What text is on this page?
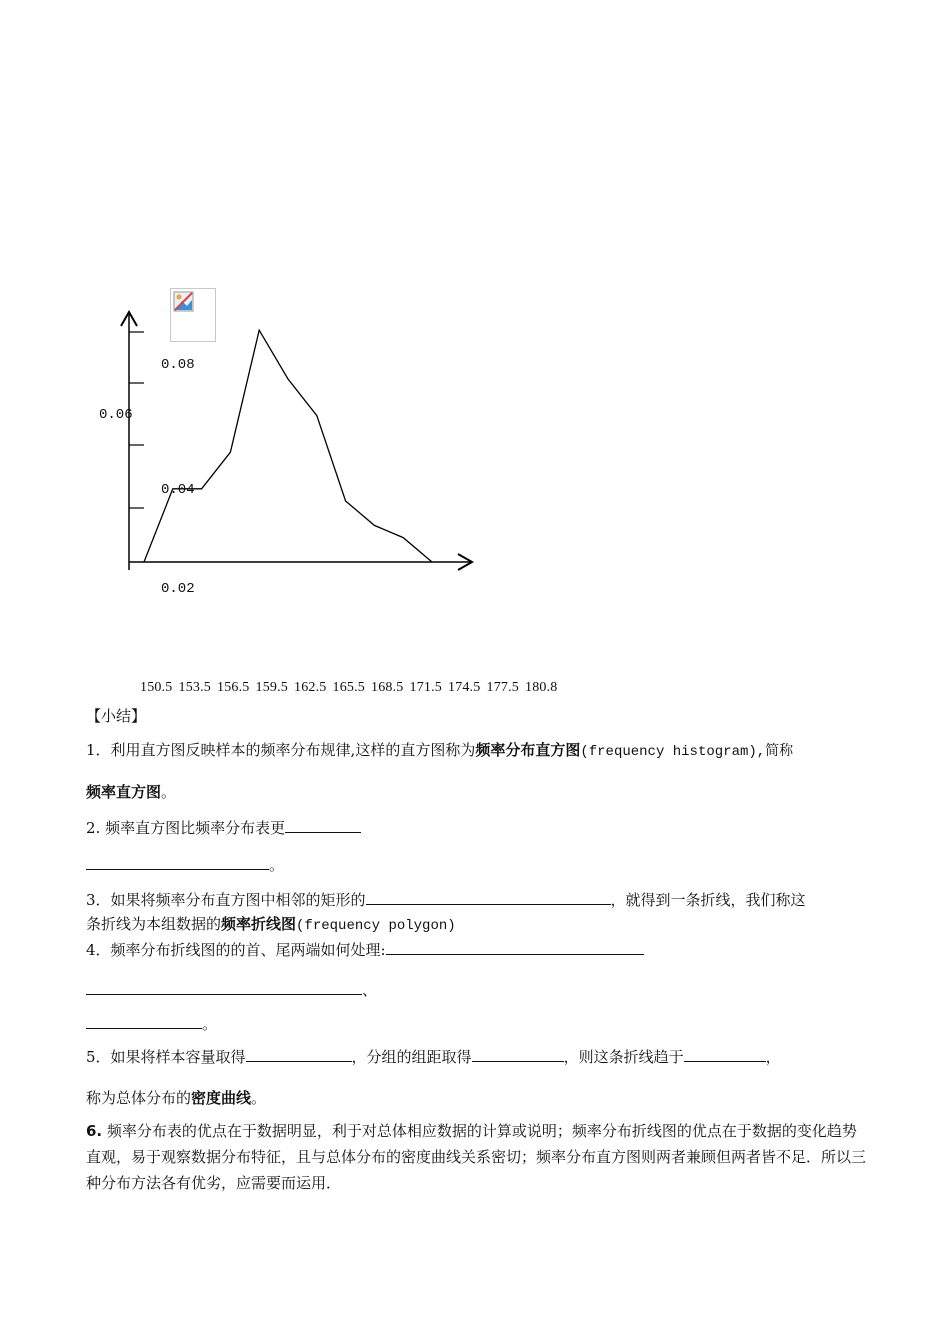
0.08
0.06
0.04
0.02
150.5 153.5 156.5 159.5 162.5 165.5 168.5 171.5 174.5 177.5 180.8
【小结】
1．利用直方图反映样本的频率分布规律,这样的直方图称为频率分布直方图(frequency histogram),简称
频率直方图。
2. 频率直方图比频率分布表更
。
3．如果将频率分布直方图中相邻的矩形的	，就得到一条折线，我们称这
条折线为本组数据的频率折线图(frequency polygon)
4．频率分布折线图的的首、尾两端如何处理:
、
。
5．如果将样本容量取得	，分组的组距取得	，则这条折线趋于	，
称为总体分布的密度曲线。
6. 频率分布表的优点在于数据明显，利于对总体相应数据的计算或说明；频率分布折线图的优点在于数据的变化趋势直观，易于观察数据分布特征，且与总体分布的密度曲线关系密切；频率分布直方图则两者兼顾但两者皆不足．所以三种分布方法各有优劣，应需要而运用．
